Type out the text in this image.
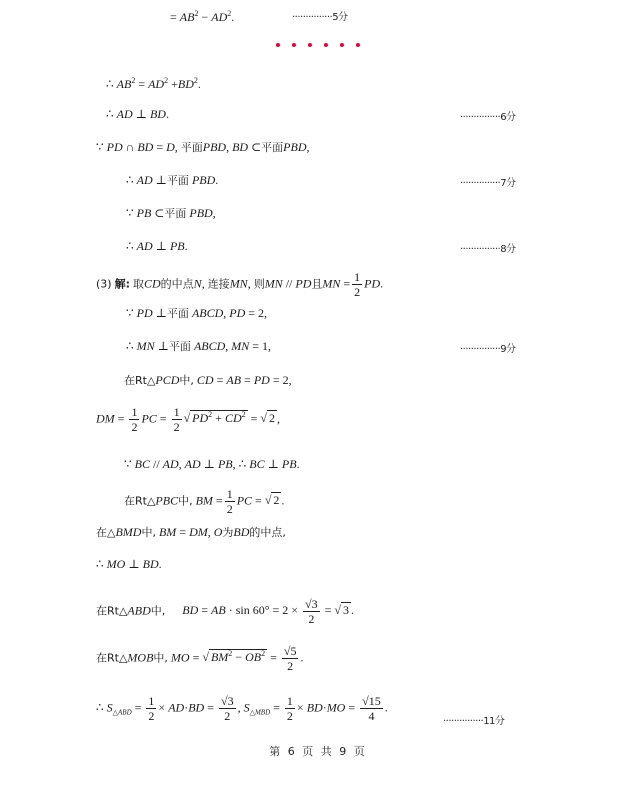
= $AB^2 - AD^2$.	···············5分
∴ $AB^2 = AD^2 +BD^2$.
∴ AD ⊥ BD.	···············6分
∵ PD ∩ BD = D, 平面PBD, BD ⊂平面PBD,
∴ AD ⊥平面 PBD.	···············7分
∵ PB ⊂平面 PBD,
∴ AD ⊥ PB.	···············8分
(3) 解: 取CD的中点N, 连接MN, 则MN // PD且MN = $\frac{1}{2}$ PD.
∵ PD ⊥平面 ABCD, PD = 2,
∴ MN ⊥平面 ABCD, MN = 1,	···············9分
在Rt△PCD中, CD = AB = PD = 2,
DM = $\frac{1}{2}$ PC = $\frac{1}{2}$ √ $PD^2 + CD^2$ = √ 2 ,
∵ BC // AD, AD ⊥ PB, ∴ BC ⊥ PB.
在Rt△PBC中, BM = $\frac{1}{2}$ PC = √ 2 .
在△BMD中, BM = DM, O为BD的中点,
∴ MO ⊥ BD.
在Rt△ABD中, BD = AB · $\sin 60^\circ = 2 \times \frac{√3}{2}$ = √ 3 .
在Rt△MOB中, MO = √ $BM^2 - OB^2 = \frac{√5}{2}$ .
∴ $S_{\triangle ABD} = \frac{1}{2} \times AD\cdot BD = \frac{√3}{2}$ , $S_{\triangle MBD} = \frac{1}{2} \times BD\cdot MO = \frac{√15}{4}$ .
···············11分
第 6 页 共 9 页
